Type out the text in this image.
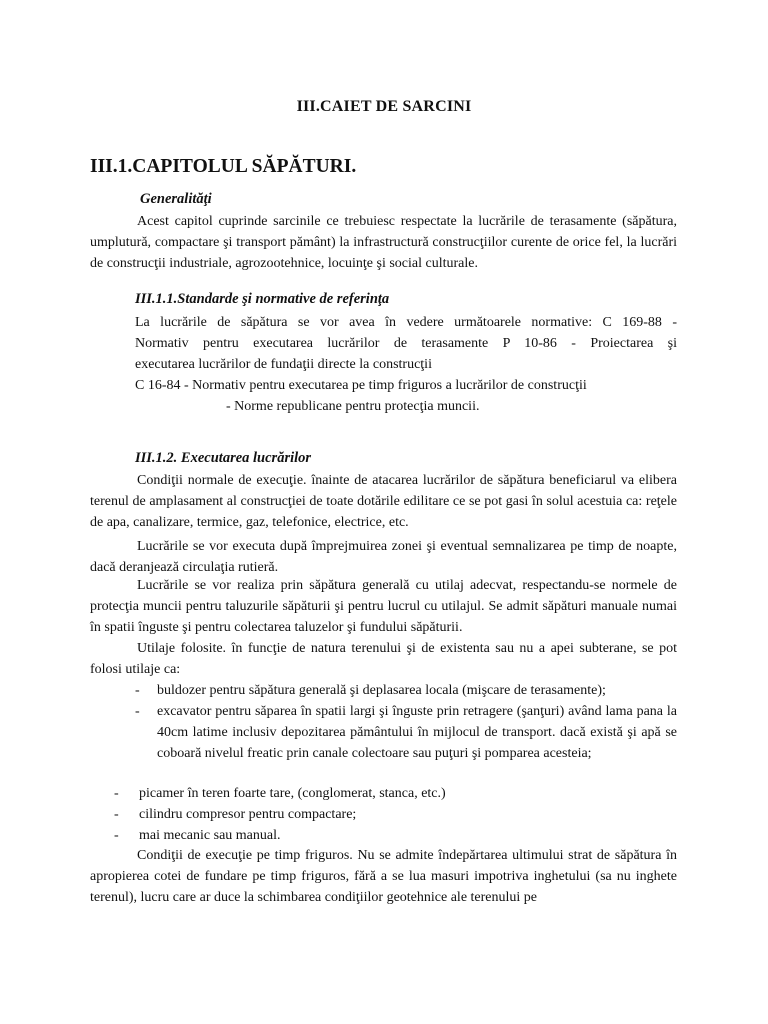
III.CAIET DE SARCINI
III.1.CAPITOLUL SĂPĂTURI.
Generalităţi

Acest capitol cuprinde sarcinile ce trebuiesc respectate la lucrările de terasamente (săpătura, umplutură, compactare şi transport pământ) la infrastructură construcţiilor curente de orice fel, la lucrări de construcţii industriale, agrozootehnice, locuinţe şi social culturale.

III.1.1.Standarde şi normative de referinţa
La lucrările de săpătura se vor avea în vedere următoarele normative: C 169-88 -
Normativ pentru executarea lucrărilor de terasamente P 10-86 - Proiectarea şi
executarea lucrărilor de fundaţii directe la construcţii
C 16-84 - Normativ pentru executarea pe timp friguros a lucrărilor de construcţii
- Norme republicane pentru protecţia muncii.
III.1.2. Executarea lucrărilor

Condiţii normale de execuţie. înainte de atacarea lucrărilor de săpătura beneficiarul va elibera terenul de amplasament al construcţiei de toate dotările edilitare ce se pot gasi în solul acestuia ca: reţele de apa, canalizare, termice, gaz, telefonice, electrice, etc.

Lucrările se vor executa după împrejmuirea zonei şi eventual semnalizarea pe timp de noapte, dacă deranjează circulaţia rutieră.

Lucrările se vor realiza prin săpătura generală cu utilaj adecvat, respectandu-se normele de protecţia muncii pentru taluzurile săpăturii şi pentru lucrul cu utilajul. Se admit săpături manuale numai în spatii înguste şi pentru colectarea taluzelor şi fundului săpăturii.

Utilaje folosite. în funcţie de natura terenului şi de existenta sau nu a apei subterane, se pot folosi utilaje ca:

- buldozer pentru săpătura generală şi deplasarea locala (mişcare de terasamente);
- excavator pentru săparea în spatii largi şi înguste prin retragere (şanţuri) având lama pana la 40cm latime inclusiv depozitarea pământului în mijlocul de transport. dacă există şi apă se coboară nivelul freatic prin canale colectoare sau puţuri şi pomparea acesteia;
- picamer în teren foarte tare, (conglomerat, stanca, etc.)
- cilindru compresor pentru compactare;
- mai mecanic sau manual.

Condiţii de execuţie pe timp friguros. Nu se admite îndepărtarea ultimului strat de săpătura în apropierea cotei de fundare pe timp friguros, fără a se lua masuri impotriva inghetului (sa nu inghete terenul), lucru care ar duce la schimbarea condiţiilor geotehnice ale terenului pe
